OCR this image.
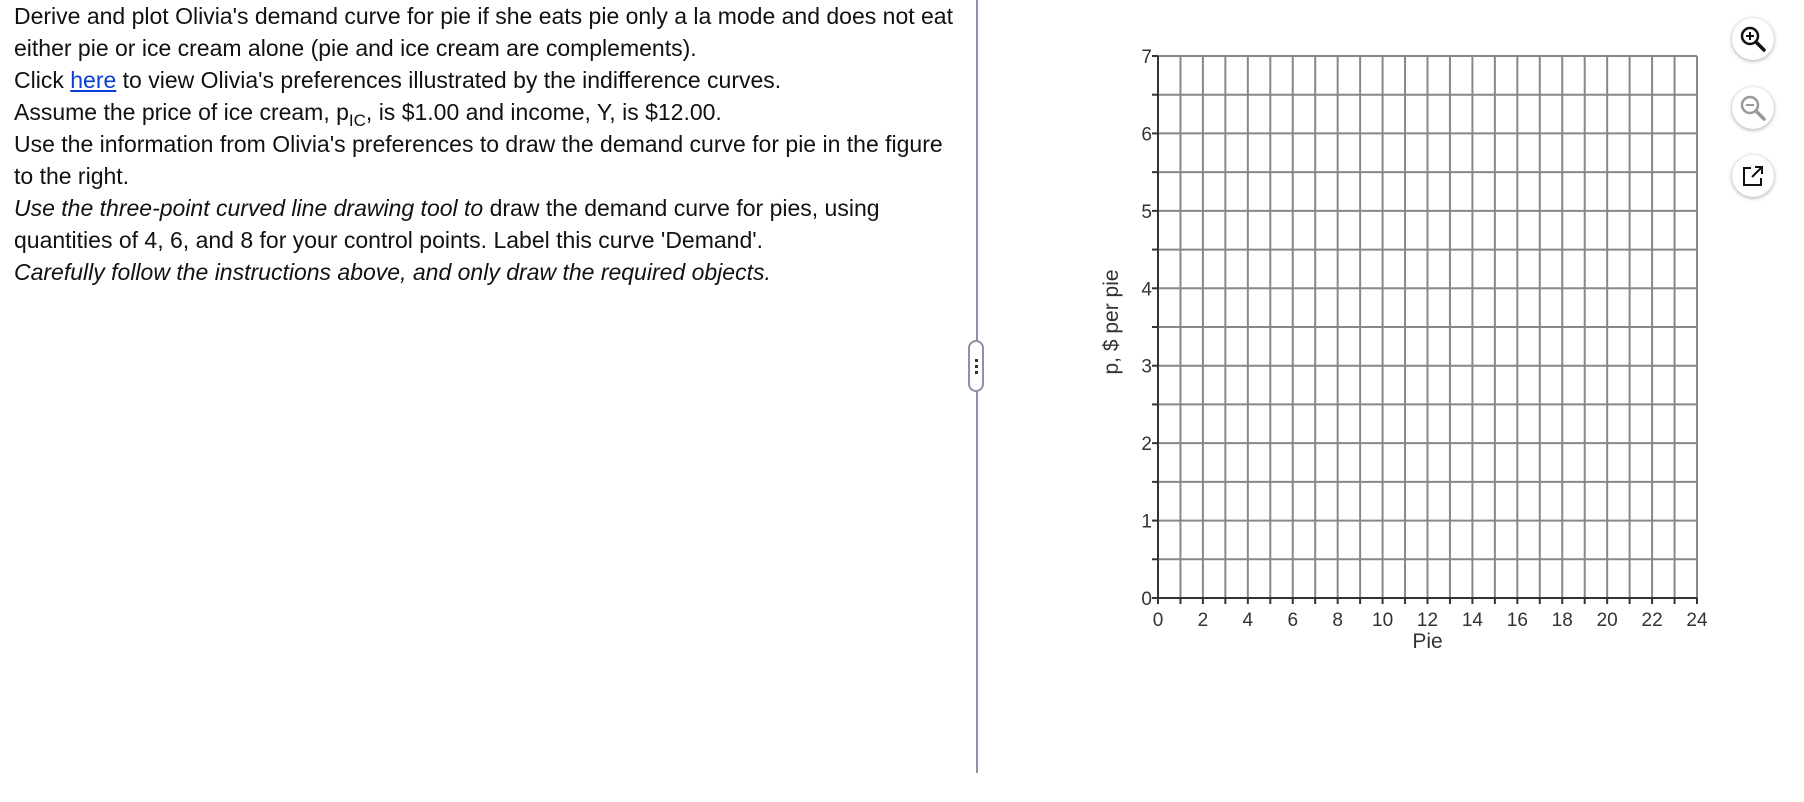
Derive and plot Olivia's demand curve for pie if she eats pie only a la mode and does not eat either pie or ice cream alone (pie and ice cream are complements).

Click here to view Olivia's preferences illustrated by the indifference curves.
Assume the price of ice cream, $p_{IC}$, is $1.00 and income, Y, is $12.00.

Use the information from Olivia's preferences to draw the demand curve for pie in the figure to the right.

Use the three-point curved line drawing tool to draw the demand curve for pies, using quantities of 4, 6, and 8 for your control points. Label this curve 'Demand'.

Carefully follow the instructions above, and only draw the required objects.

0 2 4 6 8 10 12 14 16 18 20 22 24
0
1
2
3
4
5
6
7
Pie
p, $ per pie
